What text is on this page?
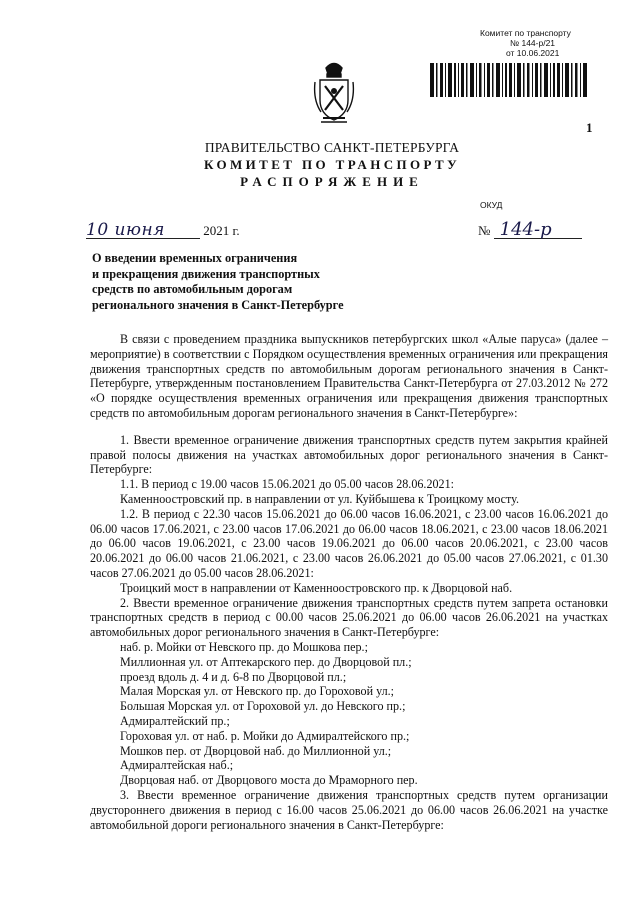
Комитет по транспорту
№ 144-р/21
от 10.06.2021
1
ПРАВИТЕЛЬСТВО САНКТ-ПЕТЕРБУРГА
КОМИТЕТ ПО ТРАНСПОРТУ
РАСПОРЯЖЕНИЕ
ОКУД
10 июня	2021 г.	№ 144-р
О введении временных ограничения
и прекращения движения транспортных
средств по автомобильным дорогам
регионального значения в Санкт-Петербурге

В связи с проведением праздника выпускников петербургских школ «Алые паруса» (далее – мероприятие) в соответствии с Порядком осуществления временных ограничения или прекращения движения транспортных средств по автомобильным дорогам регионального значения в Санкт-Петербурге, утвержденным постановлением Правительства Санкт-Петербурга от 27.03.2012 № 272 «О порядке осуществления временных ограничения или прекращения движения транспортных средств по автомобильным дорогам регионального значения в Санкт-Петербурге»:

1. Ввести временное ограничение движения транспортных средств путем закрытия крайней правой полосы движения на участках автомобильных дорог регионального значения в Санкт-Петербурге:

1.1. В период с 19.00 часов 15.06.2021 до 05.00 часов 28.06.2021:

Каменноостровский пр. в направлении от ул. Куйбышева к Троицкому мосту.

1.2. В период с 22.30 часов 15.06.2021 до 06.00 часов 16.06.2021, с 23.00 часов 16.06.2021 до 06.00 часов 17.06.2021, с 23.00 часов 17.06.2021 до 06.00 часов 18.06.2021, с 23.00 часов 18.06.2021 до 06.00 часов 19.06.2021, с 23.00 часов 19.06.2021 до 06.00 часов 20.06.2021, с 23.00 часов 20.06.2021 до 06.00 часов 21.06.2021, с 23.00 часов 26.06.2021 до 05.00 часов 27.06.2021, с 01.30 часов 27.06.2021 до 05.00 часов 28.06.2021:

Троицкий мост в направлении от Каменноостровского пр. к Дворцовой наб.

2. Ввести временное ограничение движения транспортных средств путем запрета остановки транспортных средств в период с 00.00 часов 25.06.2021 до 06.00 часов 26.06.2021 на участках автомобильных дорог регионального значения в Санкт-Петербурге:

наб. р. Мойки от Невского пр. до Мошкова пер.;

Миллионная ул. от Аптекарского пер. до Дворцовой пл.;

проезд вдоль д. 4 и д. 6-8 по Дворцовой пл.;

Малая Морская ул. от Невского пр. до Гороховой ул.;

Большая Морская ул. от Гороховой ул. до Невского пр.;

Адмиралтейский пр.;

Гороховая ул. от наб. р. Мойки до Адмиралтейского пр.;

Мошков пер. от Дворцовой наб. до Миллионной ул.;

Адмиралтейская наб.;

Дворцовая наб. от Дворцового моста до Мраморного пер.

3. Ввести временное ограничение движения транспортных средств путем организации двустороннего движения в период с 16.00 часов 25.06.2021 до 06.00 часов 26.06.2021 на участке автомобильной дороги регионального значения в Санкт-Петербурге:
